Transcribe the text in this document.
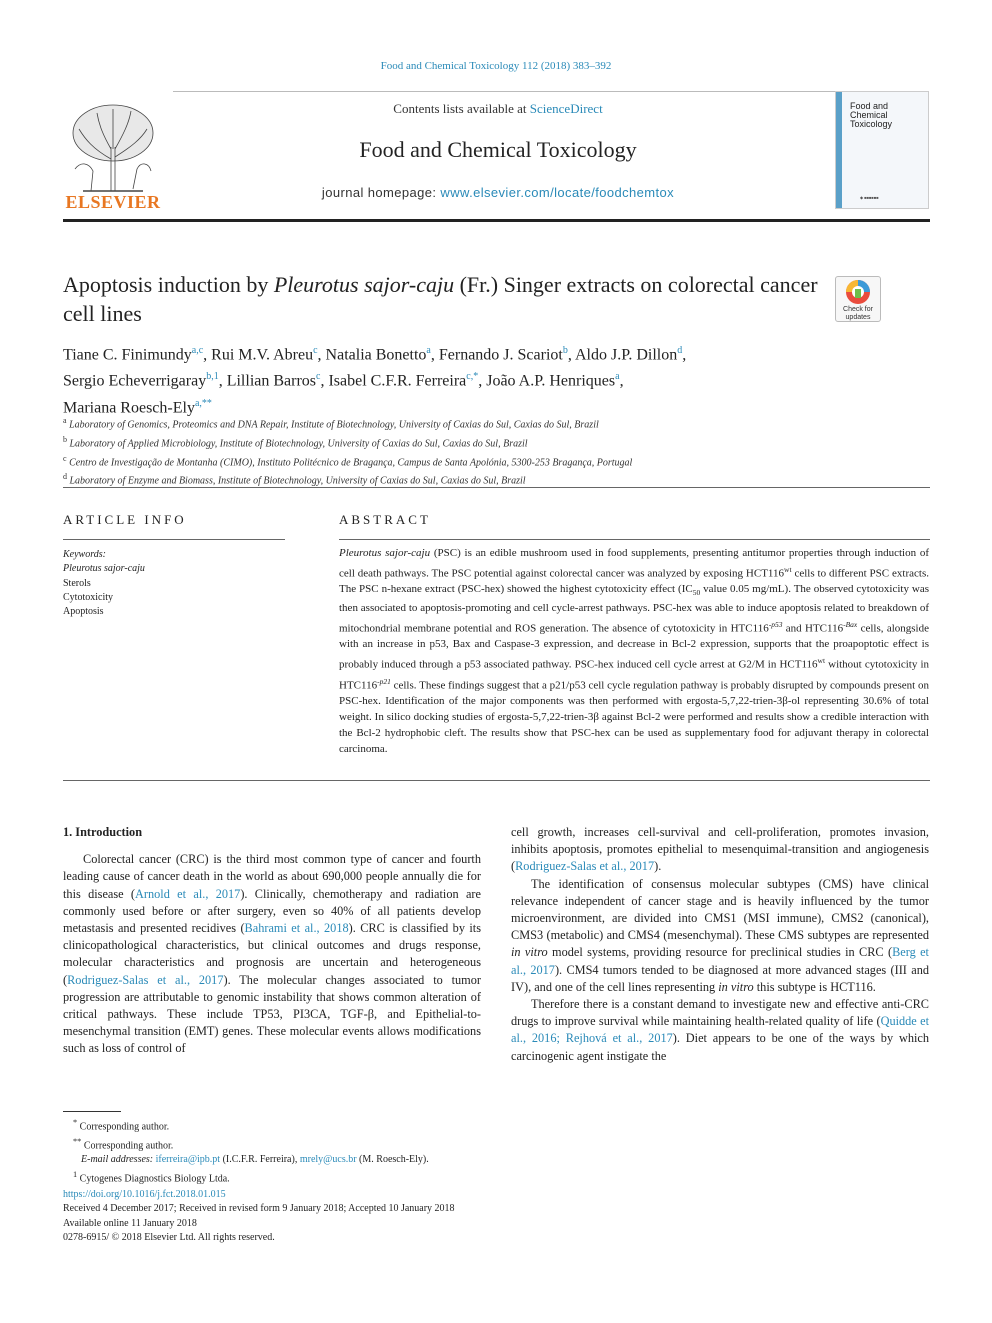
Food and Chemical Toxicology 112 (2018) 383–392
ELSEVIER
Contents lists available at ScienceDirect
Food and Chemical Toxicology
journal homepage: www.elsevier.com/locate/foodchemtox
Food and
Chemical
Toxicology
◆ ■■■■■■
Apoptosis induction by Pleurotus sajor-caju (Fr.) Singer extracts on colorectal cancer cell lines	Check for
updates
Tiane C. Finimundy$^{a,c}$, Rui M.V. Abreu$^c$, Natalia Bonetto$^a$, Fernando J. Scariot$^b$, Aldo J.P. Dillon$^d$,
Sergio Echeverrigaray$^{b,1}$, Lillian Barros$^c$, Isabel C.F.R. Ferreira$^{c,*}$, João A.P. Henriques$^a$,
Mariana Roesch-Ely$^{a,**}$
$^a$ Laboratory of Genomics, Proteomics and DNA Repair, Institute of Biotechnology, University of Caxias do Sul, Caxias do Sul, Brazil
$^b$ Laboratory of Applied Microbiology, Institute of Biotechnology, University of Caxias do Sul, Caxias do Sul, Brazil
$^c$ Centro de Investigação de Montanha (CIMO), Instituto Politécnico de Bragança, Campus de Santa Apolónia, 5300-253 Bragança, Portugal
$^d$ Laboratory of Enzyme and Biomass, Institute of Biotechnology, University of Caxias do Sul, Caxias do Sul, Brazil
ARTICLE INFO	ABSTRACT
Keywords:
Pleurotus sajor-caju
Sterols
Cytotoxicity
Apoptosis
Pleurotus sajor-caju (PSC) is an edible mushroom used in food supplements, presenting antitumor properties through induction of cell death pathways. The PSC potential against colorectal cancer was analyzed by exposing $HCT116^{wt}$ cells to different PSC extracts. The PSC n-hexane extract (PSC-hex) showed the highest cytotoxicity effect ($IC_{50}$ value 0.05 mg/mL). The observed cytotoxicity was then associated to apoptosis-promoting and cell cycle-arrest pathways. PSC-hex was able to induce apoptosis related to breakdown of mitochondrial membrane potential and ROS generation. The absence of cytotoxicity in $HTC116^{-p53}$ and $HTC116^{-Bax}$ cells, alongside with an increase in p53, Bax and Caspase-3 expression, and decrease in Bcl-2 expression, supports that the proapoptotic effect is probably induced through a p53 associated pathway. PSC-hex induced cell cycle arrest at G2/M in $HCT116^{wt}$ without cytotoxicity in $HTC116^{-p21}$ cells. These findings suggest that a p21/p53 cell cycle regulation pathway is probably disrupted by compounds present on PSC-hex. Identification of the major components was then performed with ergosta-5,7,22-trien-3β-ol representing 30.6% of total weight. In silico docking studies of ergosta-5,7,22-trien-3β against Bcl-2 were performed and results show a credible interaction with the Bcl-2 hydrophobic cleft. The results show that PSC-hex can be used as supplementary food for adjuvant therapy in colorectal carcinoma.
1. Introduction

Colorectal cancer (CRC) is the third most common type of cancer and fourth leading cause of cancer death in the world as about 690,000 people annually die for this disease (Arnold et al., 2017). Clinically, chemotherapy and radiation are commonly used before or after surgery, even so 40% of all patients develop metastasis and presented recidives (Bahrami et al., 2018). CRC is classified by its clinicopathological characteristics, but clinical outcomes and drugs response, molecular characteristics and prognosis are uncertain and heterogeneous (Rodriguez-Salas et al., 2017). The molecular changes associated to tumor progression are attributable to genomic instability that shows common alteration of critical pathways. These include TP53, PI3CA, TGF-β, and Epithelial-to-mesenchymal transition (EMT) genes. These molecular events allows modifications such as loss of control of

cell growth, increases cell-survival and cell-proliferation, promotes invasion, inhibits apoptosis, promotes epithelial to mesenquimal-transition and angiogenesis (Rodriguez-Salas et al., 2017).

The identification of consensus molecular subtypes (CMS) have clinical relevance independent of cancer stage and is heavily influenced by the tumor microenvironment, are divided into CMS1 (MSI immune), CMS2 (canonical), CMS3 (metabolic) and CMS4 (mesenchymal). These CMS subtypes are represented in vitro model systems, providing resource for preclinical studies in CRC (Berg et al., 2017). CMS4 tumors tended to be diagnosed at more advanced stages (III and IV), and one of the cell lines representing in vitro this subtype is HCT116.

Therefore there is a constant demand to investigate new and effective anti-CRC drugs to improve survival while maintaining health-related quality of life (Quidde et al., 2016; Rejhová et al., 2017). Diet appears to be one of the ways by which carcinogenic agent instigate the

* Corresponding author.
** Corresponding author.
E-mail addresses: iferreira@ipb.pt (I.C.F.R. Ferreira), mrely@ucs.br (M. Roesch-Ely).
$^1$ Cytogenes Diagnostics Biology Ltda.
https://doi.org/10.1016/j.fct.2018.01.015
Received 4 December 2017; Received in revised form 9 January 2018; Accepted 10 January 2018
Available online 11 January 2018
0278-6915/ © 2018 Elsevier Ltd. All rights reserved.
